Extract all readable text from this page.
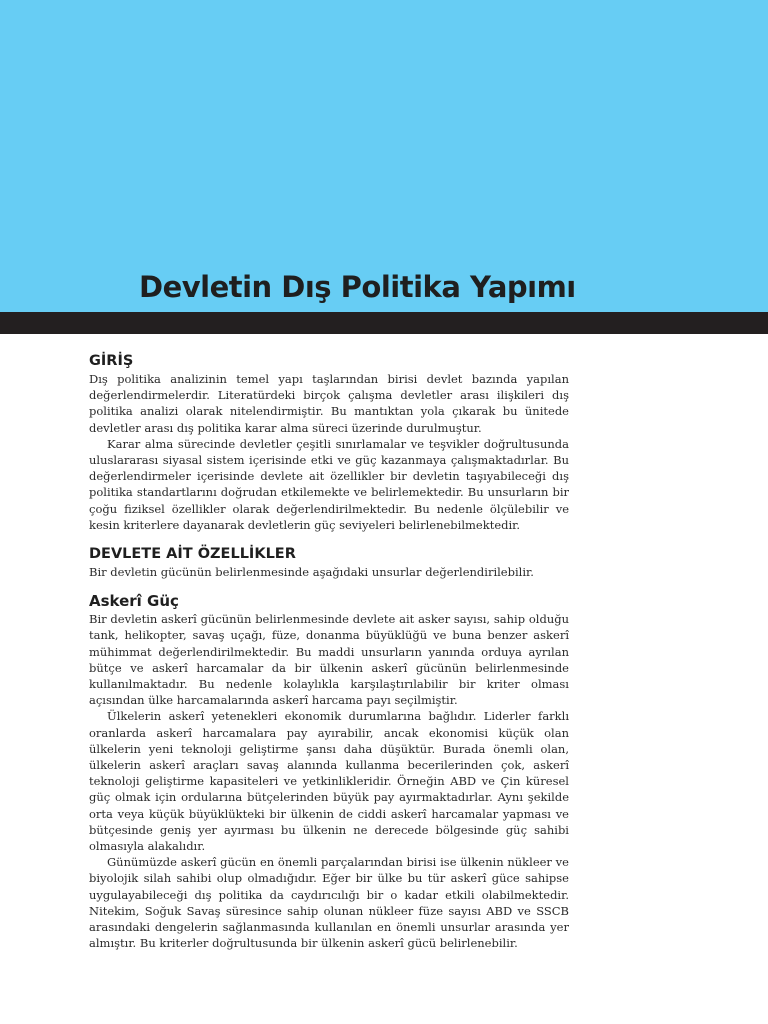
Devletin Dış Politika Yapımı
GİRİŞ

Dış politika analizinin temel yapı taşlarından birisi devlet bazında yapılan değerlendirmelerdir. Literatürdeki birçok çalışma devletler arası ilişkileri dış politika analizi olarak nitelendirmiştir. Bu mantıktan yola çıkarak bu ünitede devletler arası dış politika karar alma süreci üzerinde durulmuştur.

Karar alma sürecinde devletler çeşitli sınırlamalar ve teşvikler doğrultusunda uluslararası siyasal sistem içerisinde etki ve güç kazanmaya çalışmaktadırlar. Bu değerlendirmeler içerisinde devlete ait özellikler bir devletin taşıyabileceği dış politika standartlarını doğrudan etkilemekte ve belirlemektedir. Bu unsurların bir çoğu fiziksel özellikler olarak değerlendirilmektedir. Bu nedenle ölçülebilir ve kesin kriterlere dayanarak devletlerin güç seviyeleri belirlenebilmektedir.

DEVLETE AİT ÖZELLİKLER

Bir devletin gücünün belirlenmesinde aşağıdaki unsurlar değerlendirilebilir.

Askerî Güç

Bir devletin askerî gücünün belirlenmesinde devlete ait asker sayısı, sahip olduğu tank, helikopter, savaş uçağı, füze, donanma büyüklüğü ve buna benzer askerî mühimmat değerlendirilmektedir. Bu maddi unsurların yanında orduya ayrılan bütçe ve askerî harcamalar da bir ülkenin askerî gücünün belirlenmesinde kullanılmaktadır. Bu nedenle kolaylıkla karşılaştırılabilir bir kriter olması açısından ülke harcamalarında askerî harcama payı seçilmiştir.

Ülkelerin askerî yetenekleri ekonomik durumlarına bağlıdır. Liderler farklı oranlarda askerî harcamalara pay ayırabilir, ancak ekonomisi küçük olan ülkelerin yeni teknoloji geliştirme şansı daha düşüktür. Burada önemli olan, ülkelerin askerî araçları savaş alanında kullanma becerilerinden çok, askerî teknoloji geliştirme kapasiteleri ve yetkinlikleridir. Örneğin ABD ve Çin küresel güç olmak için ordularına bütçelerinden büyük pay ayırmaktadırlar. Aynı şekilde orta veya küçük büyüklükteki bir ülkenin de ciddi askerî harcamalar yapması ve bütçesinde geniş yer ayırması bu ülkenin ne derecede bölgesinde güç sahibi olmasıyla alakalıdır.

Günümüzde askerî gücün en önemli parçalarından birisi ise ülkenin nükleer ve biyolojik silah sahibi olup olmadığıdır. Eğer bir ülke bu tür askerî güce sahipse uygulayabileceği dış politika da caydırıcılığı bir o kadar etkili olabilmektedir. Nitekim, Soğuk Savaş süresince sahip olunan nükleer füze sayısı ABD ve SSCB arasındaki dengelerin sağlanmasında kullanılan en önemli unsurlar arasında yer almıştır. Bu kriterler doğrultusunda bir ülkenin askerî gücü belirlenebilir.
